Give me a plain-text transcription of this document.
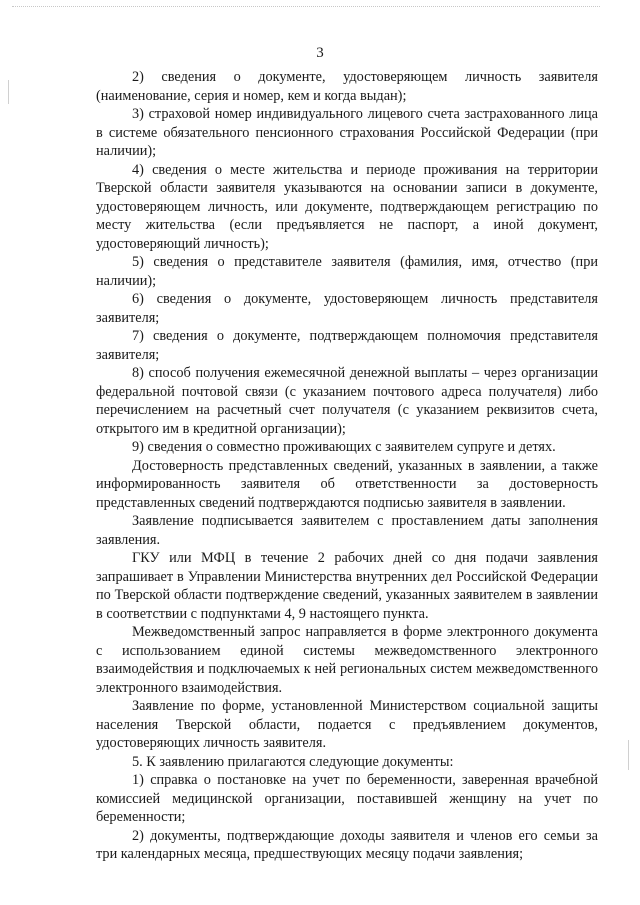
3

2) сведения о документе, удостоверяющем личность заявителя (наименование, серия и номер, кем и когда выдан);

3) страховой номер индивидуального лицевого счета застрахованного лица в системе обязательного пенсионного страхования Российской Федерации (при наличии);

4) сведения о месте жительства и периоде проживания на территории Тверской области заявителя указываются на основании записи в документе, удостоверяющем личность, или документе, подтверждающем регистрацию по месту жительства (если предъявляется не паспорт, а иной документ, удостоверяющий личность);

5) сведения о представителе заявителя (фамилия, имя, отчество (при наличии);

6) сведения о документе, удостоверяющем личность представителя заявителя;

7) сведения о документе, подтверждающем полномочия представителя заявителя;

8) способ получения ежемесячной денежной выплаты – через организации федеральной почтовой связи (с указанием почтового адреса получателя) либо перечислением на расчетный счет получателя (с указанием реквизитов счета, открытого им в кредитной организации);

9) сведения о совместно проживающих с заявителем супруге и детях.

Достоверность представленных сведений, указанных в заявлении, а также информированность заявителя об ответственности за достоверность представленных сведений подтверждаются подписью заявителя в заявлении.

Заявление подписывается заявителем с проставлением даты заполнения заявления.

ГКУ или МФЦ в течение 2 рабочих дней со дня подачи заявления запрашивает в Управлении Министерства внутренних дел Российской Федерации по Тверской области подтверждение сведений, указанных заявителем в заявлении в соответствии с подпунктами 4, 9 настоящего пункта.

Межведомственный запрос направляется в форме электронного документа с использованием единой системы межведомственного электронного взаимодействия и подключаемых к ней региональных систем межведомственного электронного взаимодействия.

Заявление по форме, установленной Министерством социальной защиты населения Тверской области, подается с предъявлением документов, удостоверяющих личность заявителя.

5. К заявлению прилагаются следующие документы:

1) справка о постановке на учет по беременности, заверенная врачебной комиссией медицинской организации, поставившей женщину на учет по беременности;

2) документы, подтверждающие доходы заявителя и членов его семьи за три календарных месяца, предшествующих месяцу подачи заявления;
